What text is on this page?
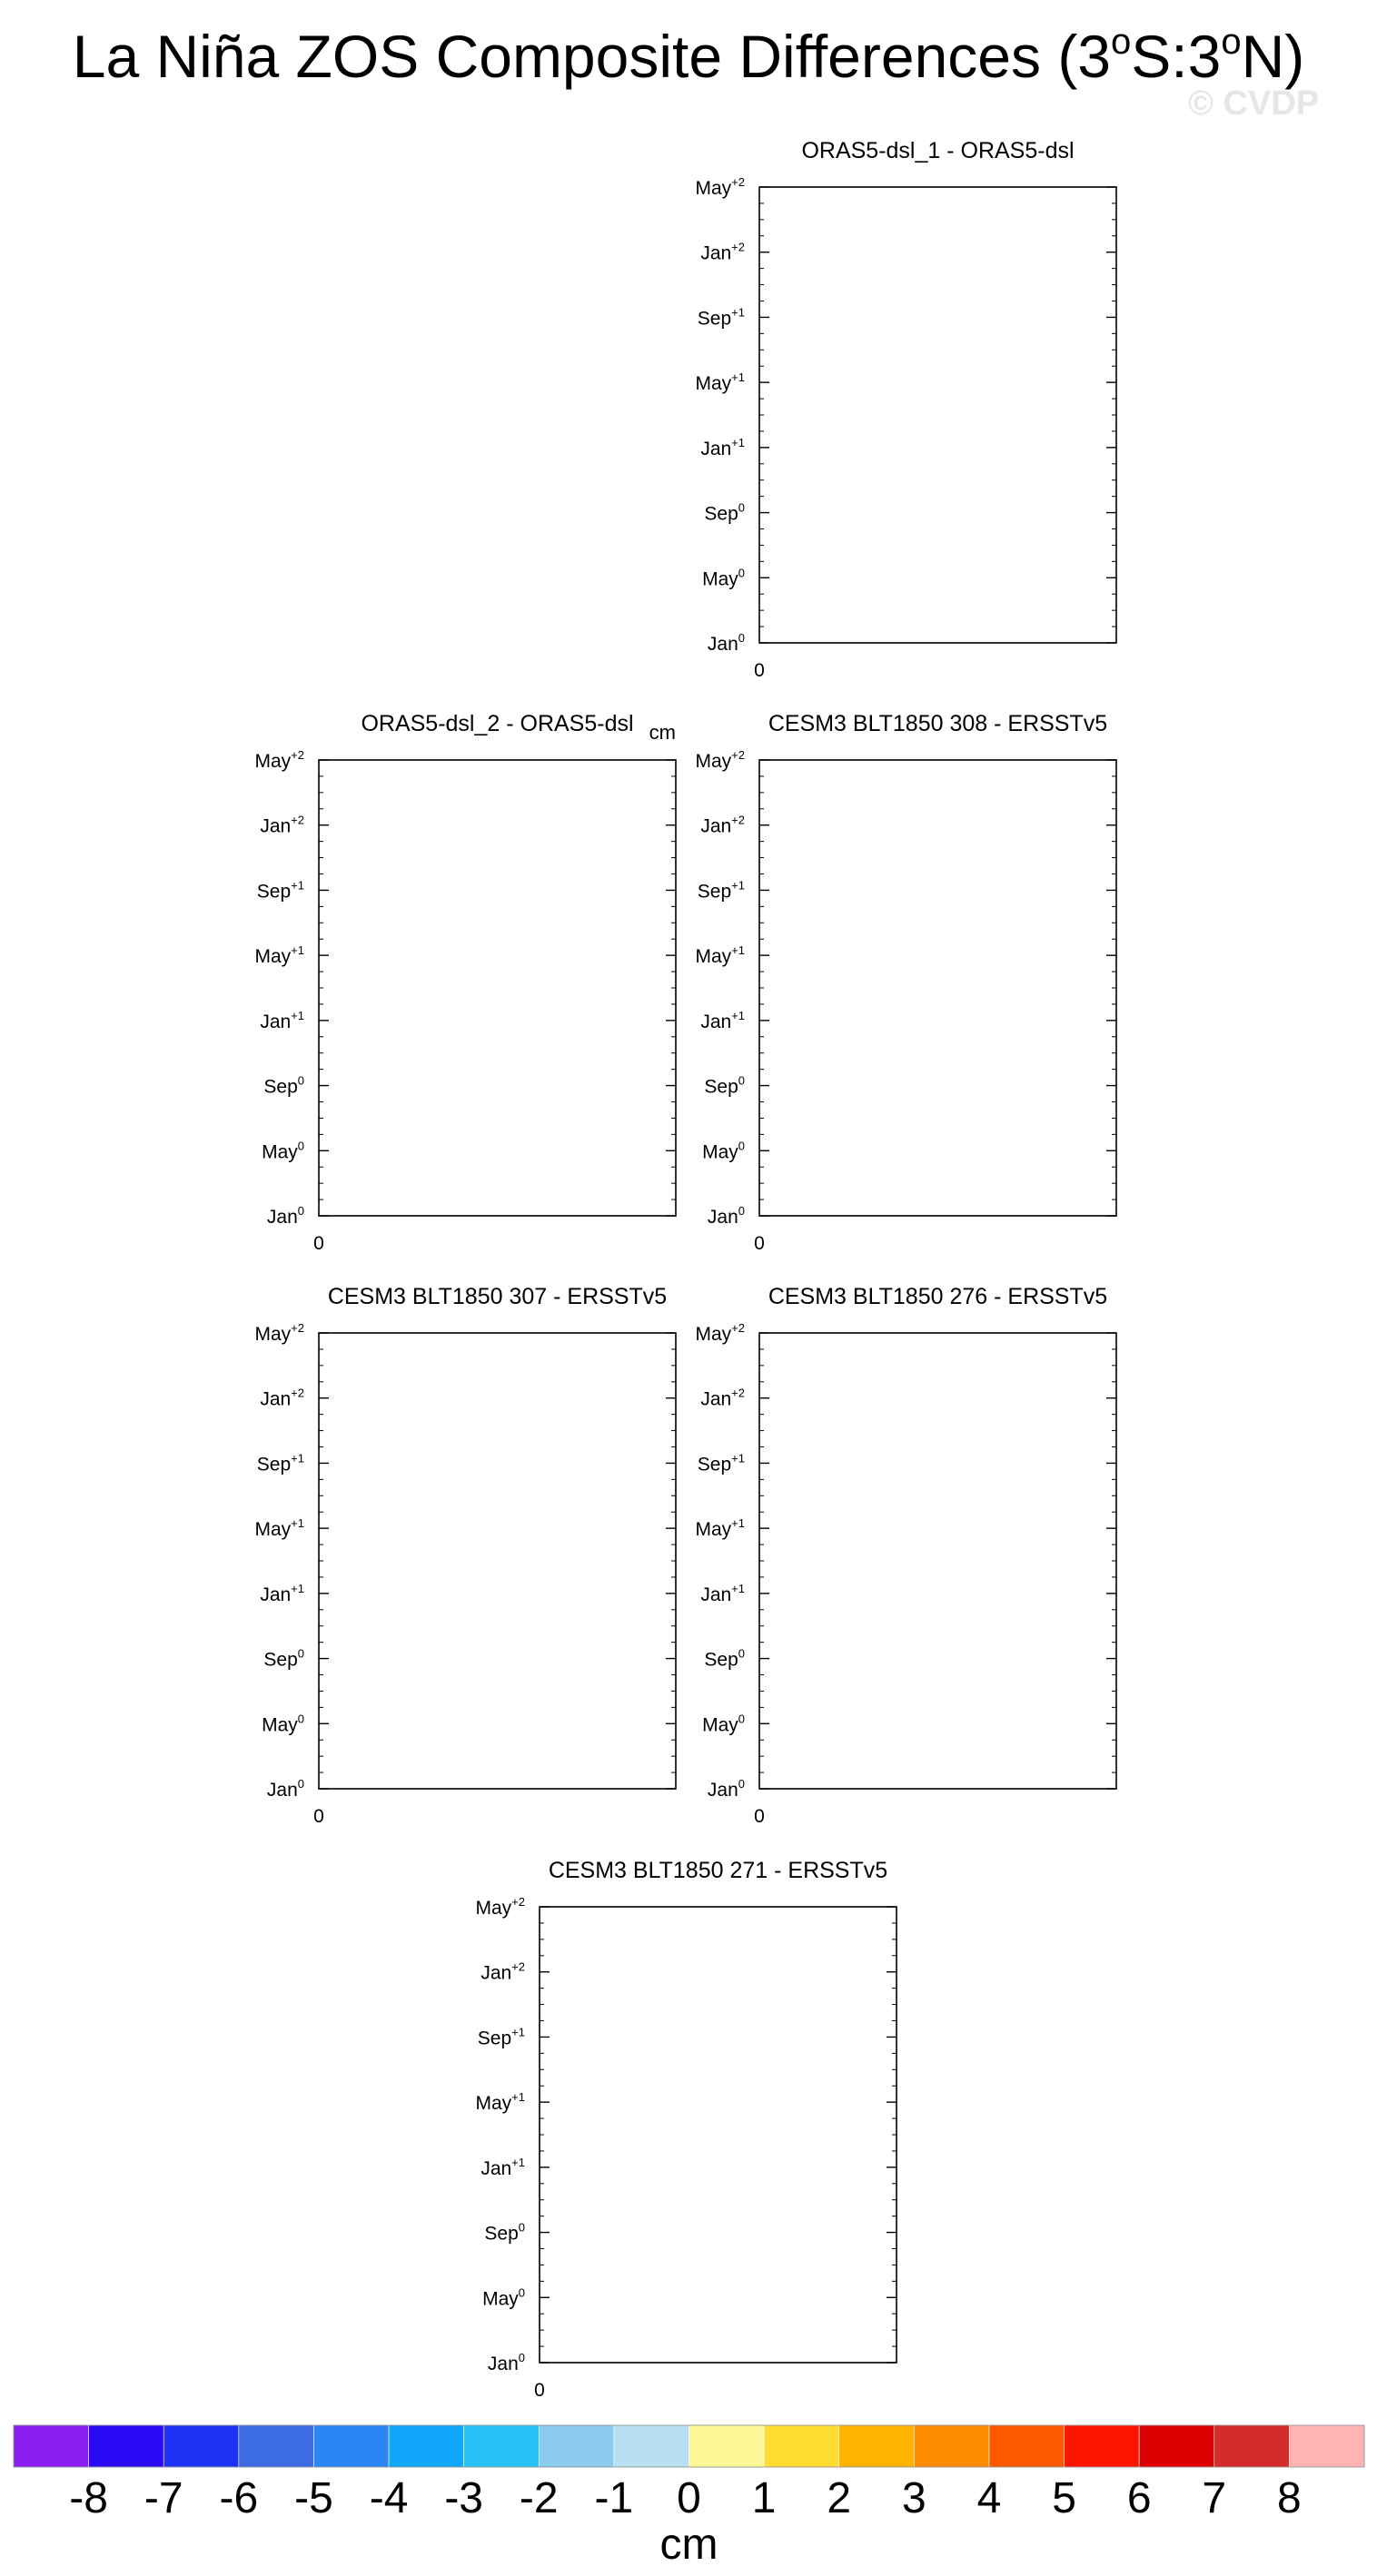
La Niña ZOS Composite Differences (3$^o$S:3$^o$N)
© CVDP
ORAS5-dsl_1 - ORAS5-dsl
May$^{+2}$
Jan$^{+2}$
Sep$^{+1}$
May$^{+1}$
Jan$^{+1}$
Sep$^0$
May$^0$
Jan$^0$
0
ORAS5-dsl_2 - ORAS5-dsl cm
May$^{+2}$
Jan$^{+2}$
Sep$^{+1}$
May$^{+1}$
Jan$^{+1}$
Sep$^0$
May$^0$
Jan$^0$
0
CESM3 BLT1850 308 - ERSSTv5
May$^{+2}$
Jan$^{+2}$
Sep$^{+1}$
May$^{+1}$
Jan$^{+1}$
Sep$^0$
May$^0$
Jan$^0$
0
CESM3 BLT1850 307 - ERSSTv5
May$^{+2}$
Jan$^{+2}$
Sep$^{+1}$
May$^{+1}$
Jan$^{+1}$
Sep$^0$
May$^0$
Jan$^0$
0
CESM3 BLT1850 276 - ERSSTv5
May$^{+2}$
Jan$^{+2}$
Sep$^{+1}$
May$^{+1}$
Jan$^{+1}$
Sep$^0$
May$^0$
Jan$^0$
0
CESM3 BLT1850 271 - ERSSTv5
May$^{+2}$
Jan$^{+2}$
Sep$^{+1}$
May$^{+1}$
Jan$^{+1}$
Sep$^0$
May$^0$
Jan$^0$
0
-8 -7 -6 -5 -4 -3 -2 -1 0 1 2 3 4 5 6 7 8
cm
